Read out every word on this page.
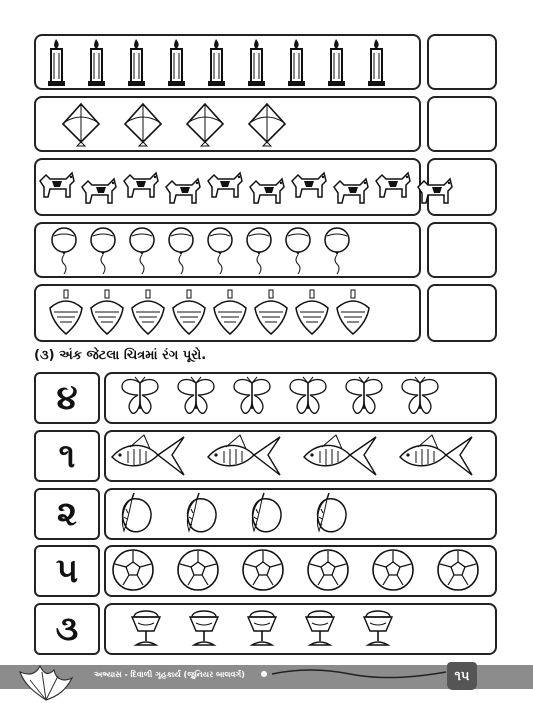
(૩) અંક જેટલા ચિત્રમાં રંગ પૂરો.
૪
૧
૨
૫
૩
અભ્યાસ - દિવાળી ગૃહકાર્ય (જુનિયર બાલવર્ગ)	૧૫
